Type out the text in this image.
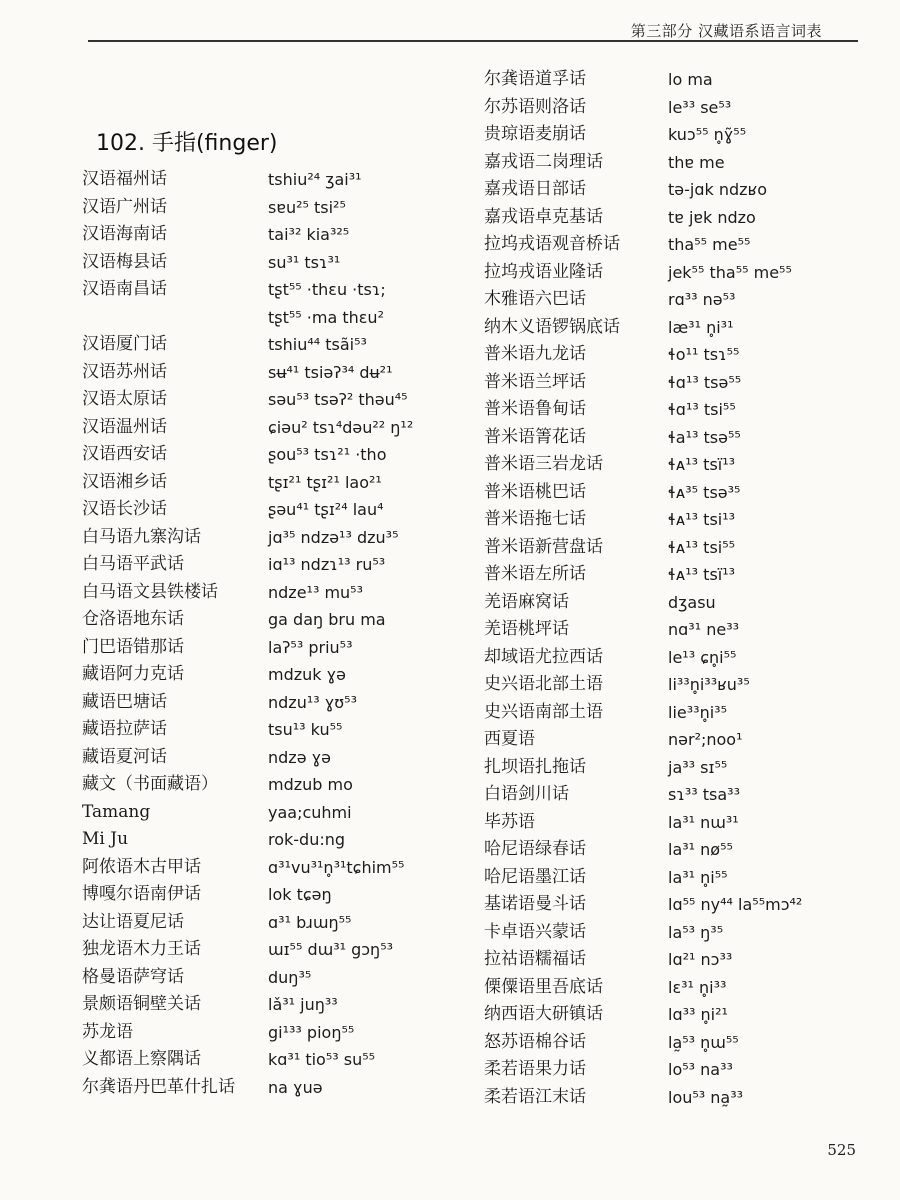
第三部分 汉藏语系语言词表
102. 手指(finger)
汉语福州话	tshiu²⁴ ʒai³¹
汉语广州话	sɐu²⁵ tsi²⁵
汉语海南话	tai³² kia³²⁵
汉语梅县话	su³¹ tsɿ³¹
汉语南昌话	tʂt⁵⁵ ·thɛu ·tsɿ;
tʂt⁵⁵ ·ma thɛu²
汉语厦门话	tshiu⁴⁴ tsãi⁵³
汉语苏州话	sʉ⁴¹ tsiəʔ³⁴ dʉ²¹
汉语太原话	səu⁵³ tsəʔ² thəu⁴⁵
汉语温州话	ɕiəu² tsɿ⁴dəu²² ŋ¹²
汉语西安话	ʂou⁵³ tsɿ²¹ ·tho
汉语湘乡话	tʂɪ²¹ tʂɪ²¹ lao²¹
汉语长沙话	ʂəu⁴¹ tʂɪ²⁴ lau⁴
白马语九寨沟话	jɑ³⁵ ndzə¹³ dzu³⁵
白马语平武话	iɑ¹³ ndzɿ¹³ ru⁵³
白马语文县铁楼话	ndze¹³ mu⁵³
仓洛语地东话	ga daŋ bru ma
门巴语错那话	laʔ⁵³ priu⁵³
藏语阿力克话	mdzuk ɣə
藏语巴塘话	ndzu¹³ ɣʊ⁵³
藏语拉萨话	tsu¹³ ku⁵⁵
藏语夏河话	ndzə ɣə
藏文（书面藏语）	mdzub mo
Tamang	yaa;cuhmi
Mi Ju	rok-du:ng
阿侬语木古甲话	ɑ³¹vu³¹n̥³¹tɕhim⁵⁵
博嘎尔语南伊话	lok tɕəŋ
达让语夏尼话	ɑ³¹ bɹɯŋ⁵⁵
独龙语木力王话	ɯɪ⁵⁵ dɯ³¹ gɔŋ⁵³
格曼语萨穹话	duŋ³⁵
景颇语铜壁关话	lǎ³¹ juŋ³³
苏龙语	gi¹³³ pioŋ⁵⁵
义都语上察隅话	kɑ³¹ tio⁵³ su⁵⁵
尔龚语丹巴革什扎话 na ɣuə
尔龚语道孚话	lo ma
尔苏语则洛话	le³³ se⁵³
贵琼语麦崩话	kuɔ⁵⁵ n̥ɣ̃⁵⁵
嘉戎语二岗理话	thɐ me
嘉戎语日部话	tə-jɑk ndzʁo
嘉戎语卓克基话	tɐ jɐk ndzo
拉坞戎语观音桥话	tha⁵⁵ me⁵⁵
拉坞戎语业隆话	jek⁵⁵ tha⁵⁵ me⁵⁵
木雅语六巴话	rɑ³³ nə⁵³
纳木义语锣锅底话	læ³¹ n̥i³¹
普米语九龙话	ɬo¹¹ tsɿ⁵⁵
普米语兰坪话	ɬɑ¹³ tsə⁵⁵
普米语鲁甸话	ɬɑ¹³ tsi⁵⁵
普米语箐花话	ɬa¹³ tsə⁵⁵
普米语三岩龙话	ɬᴀ¹³ tsï¹³
普米语桃巴话	ɬᴀ³⁵ tsə³⁵
普米语拖七话	ɬᴀ¹³ tsi¹³
普米语新营盘话	ɬᴀ¹³ tsi⁵⁵
普米语左所话	ɬᴀ¹³ tsï¹³
羌语麻窝话	dʒasu
羌语桃坪话	nɑ³¹ ne³³
却域语尤拉西话	le¹³ ɕn̥i⁵⁵
史兴语北部土语	li³³n̥i³³ʁu³⁵
史兴语南部土语	lie³³n̥i³⁵
西夏语	nər²;noo¹
扎坝语扎拖话	ja³³ sɪ⁵⁵
白语剑川话	sɿ³³ tsa³³
毕苏语	la³¹ nɯ³¹
哈尼语绿春话	la³¹ nø⁵⁵
哈尼语墨江话	la³¹ n̥i⁵⁵
基诺语曼斗话	lɑ⁵⁵ ny⁴⁴ la⁵⁵mɔ⁴²
卡卓语兴蒙话	la⁵³ ŋ³⁵
拉祜语糯福话	lɑ²¹ nɔ³³
傈僳语里吾底话	lɛ³¹ n̥i³³
纳西语大研镇话	lɑ³³ n̥i²¹
怒苏语棉谷话	la̰⁵³ n̥ɯ⁵⁵
柔若语果力话	lo⁵³ na³³
柔若语江末话	lou⁵³ na̰³³
525
